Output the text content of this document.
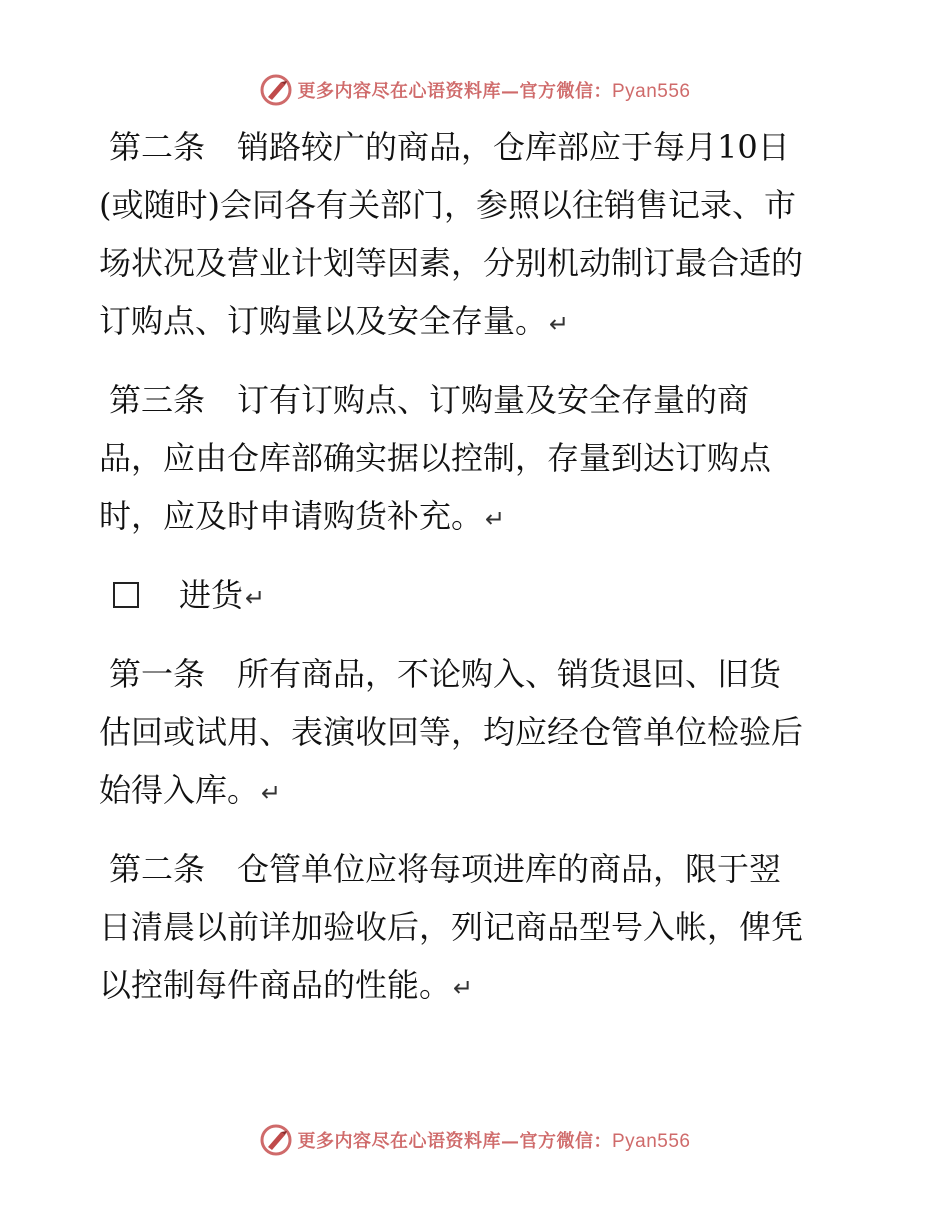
更多内容尽在心语资料库—官方微信：Pyan556

第二条　销路较广的商品，仓库部应于每月10日
(或随时)会同各有关部门，参照以往销售记录、市
场状况及营业计划等因素，分别机动制订最合适的
订购点、订购量以及安全存量。↵

第三条　订有订购点、订购量及安全存量的商
品，应由仓库部确实据以控制，存量到达订购点
时，应及时申请购货补充。↵

进货↵

第一条　所有商品，不论购入、销货退回、旧货
估回或试用、表演收回等，均应经仓管单位检验后
始得入库。↵

第二条　仓管单位应将每项进库的商品，限于翌
日清晨以前详加验收后，列记商品型号入帐，俾凭
以控制每件商品的性能。↵

更多内容尽在心语资料库—官方微信：Pyan556
